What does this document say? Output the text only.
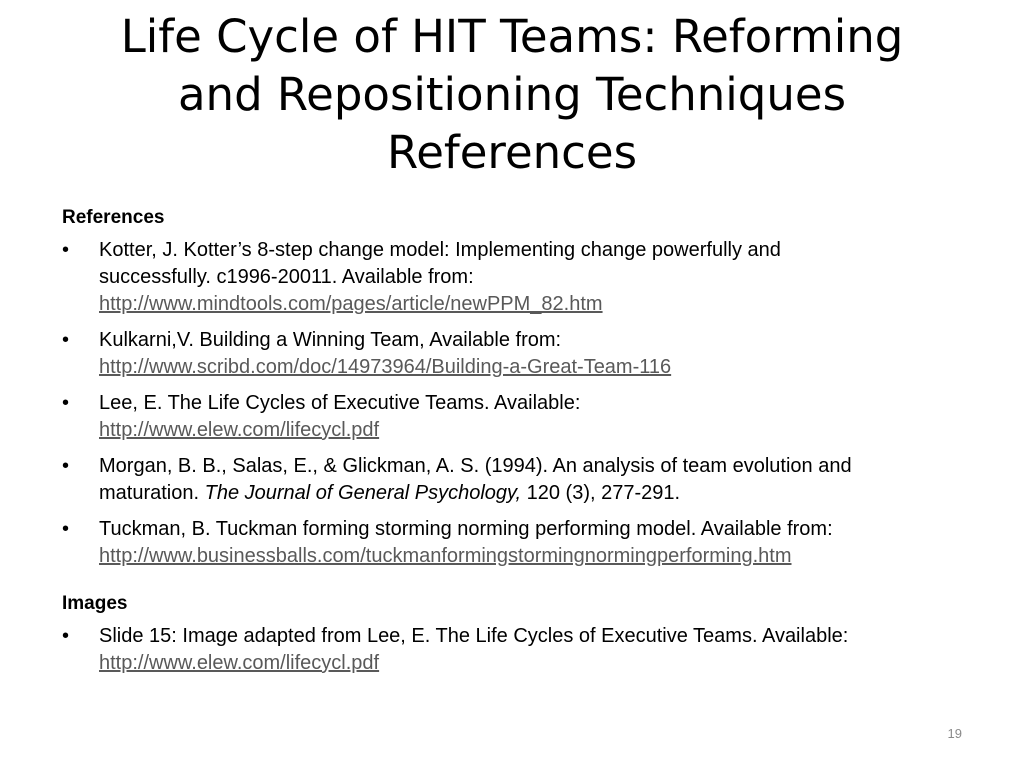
Life Cycle of HIT Teams: Reforming
and Repositioning Techniques
References
References
•	Kotter, J. Kotter’s 8-step change model: Implementing change powerfully and
successfully. c1996-20011. Available from:
http://www.mindtools.com/pages/article/newPPM_82.htm
•	Kulkarni,V. Building a Winning Team, Available from:
http://www.scribd.com/doc/14973964/Building-a-Great-Team-116
•	Lee, E. The Life Cycles of Executive Teams. Available:
http://www.elew.com/lifecycl.pdf
•	Morgan, B. B., Salas, E., & Glickman, A. S. (1994). An analysis of team evolution and
maturation. The Journal of General Psychology, 120 (3), 277-291.
•	Tuckman, B. Tuckman forming storming norming performing model. Available from:
http://www.businessballs.com/tuckmanformingstormingnormingperforming.htm
Images
•	Slide 15: Image adapted from Lee, E. The Life Cycles of Executive Teams. Available:
http://www.elew.com/lifecycl.pdf
19
